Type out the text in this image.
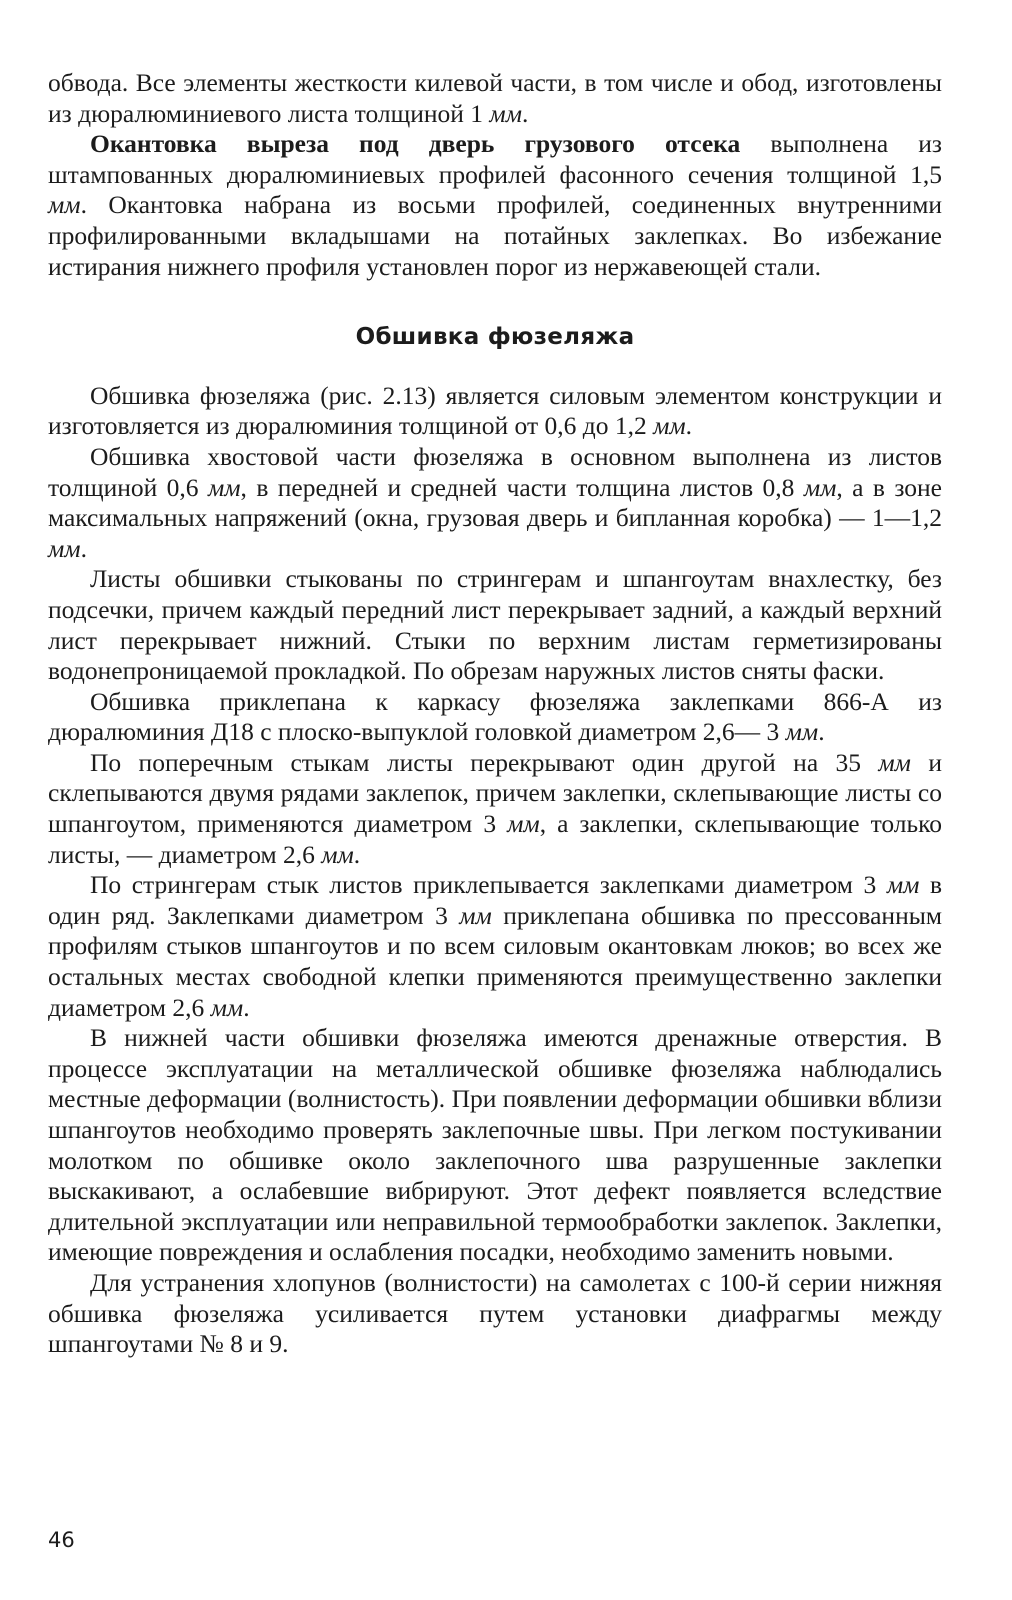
обвода. Все элементы жесткости килевой части, в том числе и обод, изготовлены из дюралюминиевого листа толщиной 1 мм.

Окантовка выреза под дверь грузового отсека выполнена из штампованных дюралюминиевых профилей фасонного сечения толщиной 1,5 мм. Окантовка набрана из восьми профилей, соединенных внутренними профилированными вкладышами на потайных заклепках. Во избежание истирания нижнего профиля установлен порог из нержавеющей стали.

Обшивка фюзеляжа

Обшивка фюзеляжа (рис. 2.13) является силовым элементом конструкции и изготовляется из дюралюминия толщиной от 0,6 до 1,2 мм.

Обшивка хвостовой части фюзеляжа в основном выполнена из листов толщиной 0,6 мм, в передней и средней части толщина листов 0,8 мм, а в зоне максимальных напряжений (окна, грузовая дверь и бипланная коробка) — 1—1,2 мм.

Листы обшивки стыкованы по стрингерам и шпангоутам внахлестку, без подсечки, причем каждый передний лист перекрывает задний, а каждый верхний лист перекрывает нижний. Стыки по верхним листам герметизированы водонепроницаемой прокладкой. По обрезам наружных листов сняты фаски.

Обшивка приклепана к каркасу фюзеляжа заклепками 866-А из дюралюминия Д18 с плоско-выпуклой головкой диаметром 2,6— 3 мм.

По поперечным стыкам листы перекрывают один другой на 35 мм и склепываются двумя рядами заклепок, причем заклепки, склепывающие листы со шпангоутом, применяются диаметром 3 мм, а заклепки, склепывающие только листы, — диаметром 2,6 мм.

По стрингерам стык листов приклепывается заклепками диаметром 3 мм в один ряд. Заклепками диаметром 3 мм приклепана обшивка по прессованным профилям стыков шпангоутов и по всем силовым окантовкам люков; во всех же остальных местах свободной клепки применяются преимущественно заклепки диаметром 2,6 мм.

В нижней части обшивки фюзеляжа имеются дренажные отверстия. В процессе эксплуатации на металлической обшивке фюзеляжа наблюдались местные деформации (волнистость). При появлении деформации обшивки вблизи шпангоутов необходимо проверять заклепочные швы. При легком постукивании молотком по обшивке около заклепочного шва разрушенные заклепки выскакивают, а ослабевшие вибрируют. Этот дефект появляется вследствие длительной эксплуатации или неправильной термообработки заклепок. Заклепки, имеющие повреждения и ослабления посадки, необходимо заменить новыми.

Для устранения хлопунов (волнистости) на самолетах с 100-й серии нижняя обшивка фюзеляжа усиливается путем установки диафрагмы между шпангоутами № 8 и 9.

46
